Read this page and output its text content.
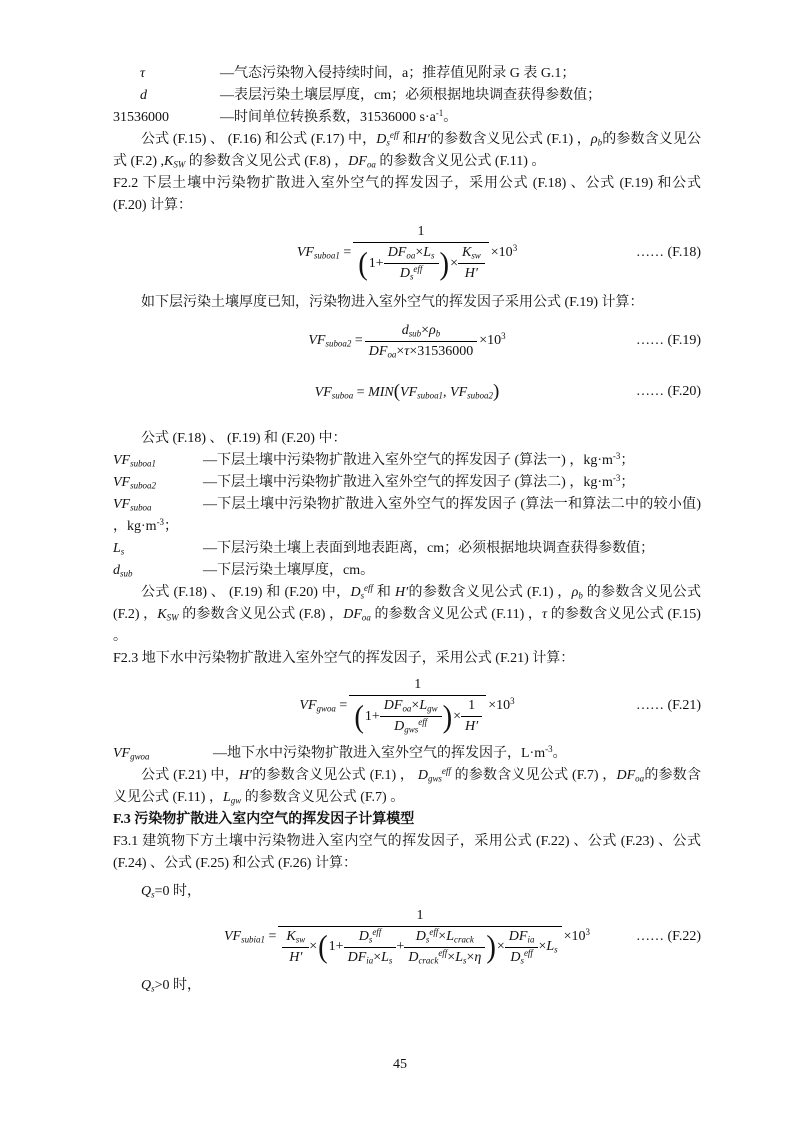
τ	—气态污染物入侵持续时间，a；推荐值见附录 G 表 G.1；

d	—表层污染土壤层厚度，cm；必须根据地块调查获得参数值；

31536000	—时间单位转换系数，31536000 $s\cdot a^{-1}$。

公式 (F.15) 、 (F.16) 和公式 (F.17) 中，$D_s^{eff}$ 和H′的参数含义见公式 (F.1) ，$\rho_b$的参数含义见公式 (F.2) $,K_{SW}$ 的参数含义见公式 (F.8) ，$DF_{oa}$ 的参数含义见公式 (F.11) 。

F2.2 下层土壤中污染物扩散进入室外空气的挥发因子，采用公式 (F.18) 、公式 (F.19) 和公式 (F.20) 计算：

$VF_{suboa1}$ =
1
( $1+ \frac{DF_{oa}\times L_s}{D_s^{eff}}$ ) × $\frac{K_{sw}}{H'} \times 10^3$	…… (F.18)

如下层污染土壤厚度已知，污染物进入室外空气的挥发因子采用公式 (F.19) 计算：

$VF_{suboa2} = \frac{d_{sub}\times\rho_b}{DF_{oa}\times\tau\times 31536000} \times 10^3$	…… (F.19)
$VF_{suboa} = MIN(VF_{suboa1}$, $VF_{suboa2}$)	…… (F.20)

公式 (F.18) 、 (F.19) 和 (F.20) 中：

$VF_{suboa1}$	—下层土壤中污染物扩散进入室外空气的挥发因子 (算法一) ，$kg\cdot m^{-3}$；

$VF_{suboa2}$	—下层土壤中污染物扩散进入室外空气的挥发因子 (算法二) ，$kg\cdot m^{-3}$；

$VF_{suboa}$	—下层土壤中污染物扩散进入室外空气的挥发因子 (算法一和算法二中的较小值) ，$kg\cdot m^{-3}$；

$L_s$	—下层污染土壤上表面到地表距离，cm；必须根据地块调查获得参数值；

$d_{sub}$	—下层污染土壤厚度，cm。

公式 (F.18) 、 (F.19) 和 (F.20) 中，$D_s^{eff}$ 和 H′的参数含义见公式 (F.1) ，$\rho_b$ 的参数含义见公式 (F.2) ，$K_{SW}$ 的参数含义见公式 (F.8) ，$DF_{oa}$ 的参数含义见公式 (F.11) ，τ 的参数含义见公式 (F.15) 。

F2.3 地下水中污染物扩散进入室外空气的挥发因子，采用公式 (F.21) 计算：

$VF_{gwoa}$ =
1
( $1+ \frac{DF_{oa}\times L_{gw}}{D_{gws}^{eff}}$ ) × $\frac{1}{H'} \times 10^3$	…… (F.21)

$VF_{gwoa}$	—地下水中污染物扩散进入室外空气的挥发因子，$L\cdot m^{-3}$。

公式 (F.21) 中，H′的参数含义见公式 (F.1) ， $D_{gws}^{eff}$ 的参数含义见公式 (F.7) ，$DF_{oa}$的参数含义见公式 (F.11) ，$L_{gw}$ 的参数含义见公式 (F.7) 。

F.3 污染物扩散进入室内空气的挥发因子计算模型

F3.1 建筑物下方土壤中污染物进入室内空气的挥发因子，采用公式 (F.22) 、公式 (F.23) 、公式 (F.24) 、公式 (F.25) 和公式 (F.26) 计算：

$Q_s=0$ 时，

$VF_{subia1}$ =
1
$\frac{K_{sw}}{H'}$ × ( $1+ \frac{D_s^{eff}}{DF_{ia}\times L_s} + \frac{D_s^{eff}\times L_{crack}}{D_{crack}^{eff}\times L_s\times\eta}$ ) × $\frac{DF_{ia}}{D_s^{eff}} \times L_s$
$\times 10^3$	…… (F.22)

$Q_s>0$ 时，

45
